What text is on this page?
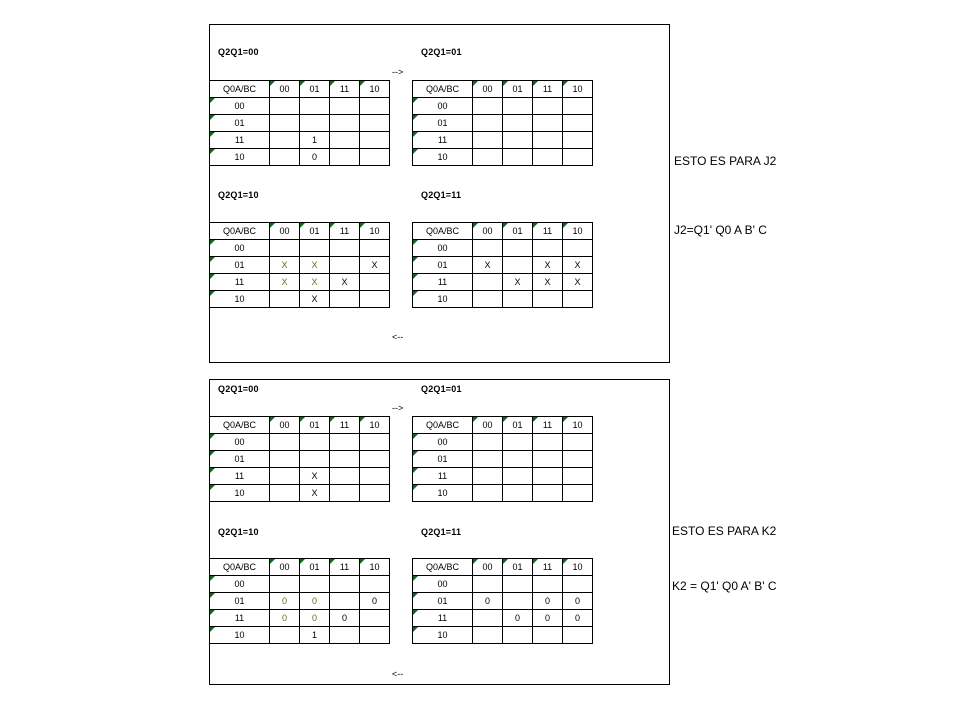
Q2Q1=00	Q2Q1=01
-->
Q0A/BC	00	01	11	10
00				
01				
11		1		
10		0		
Q0A/BC	00	01	11	10
00				
01				
11				
10				
Q2Q1=10	Q2Q1=11
Q0A/BC	00	01	11	10
00				
01	X	X		X
11	X	X	X	
10		X		
Q0A/BC	00	01	11	10
00				
01	X		X	X
11		X	X	X
10				
<--
ESTO ES PARA J2
J2=Q1' Q0 A B' C
Q2Q1=00	Q2Q1=01
-->
Q0A/BC	00	01	11	10
00				
01				
11		X		
10		X		
Q0A/BC	00	01	11	10
00				
01				
11				
10				
Q2Q1=10	Q2Q1=11
Q0A/BC	00	01	11	10
00				
01	0	0		0
11	0	0	0	
10		1		
Q0A/BC	00	01	11	10
00				
01	0		0	0
11		0	0	0
10				
<--
ESTO ES PARA K2
K2 = Q1' Q0 A' B' C
